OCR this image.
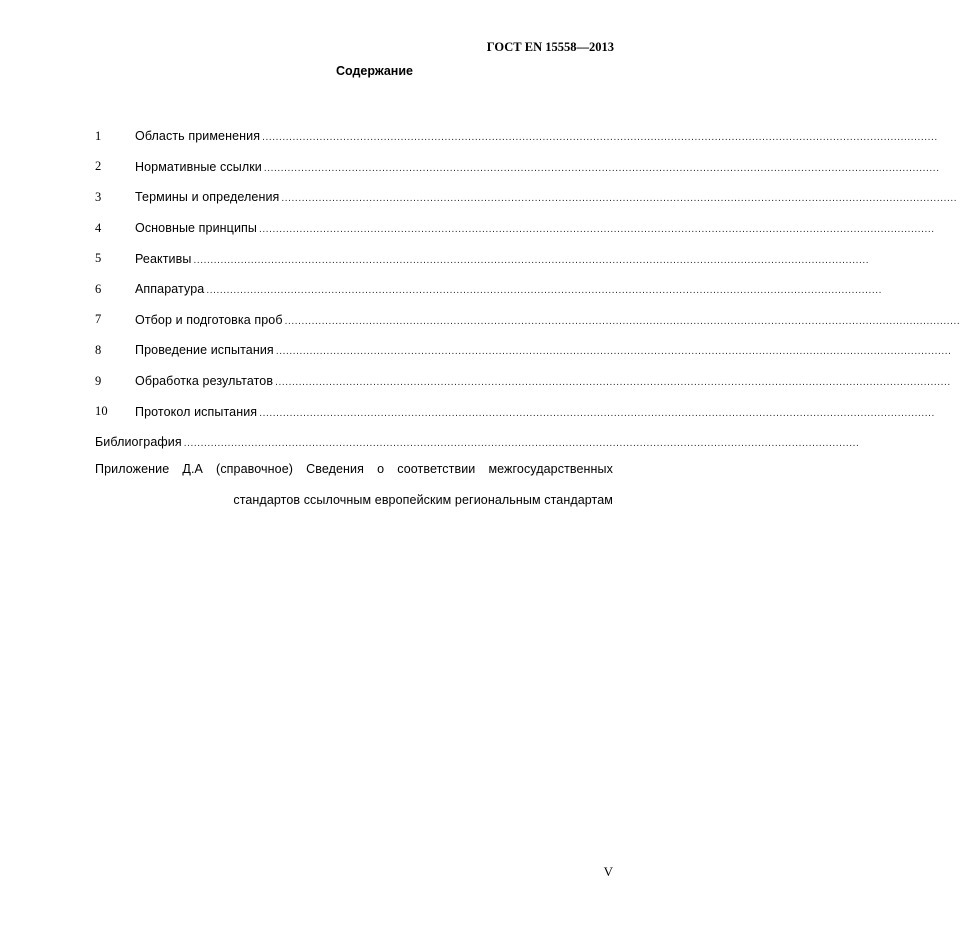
ГОСТ EN 15558—2013
Содержание
1	Область применения ........................................................................................................................................................................................................
2	Нормативные ссылки ........................................................................................................................................................................................................
3	Термины и определения ........................................................................................................................................................................................................
4	Основные принципы ........................................................................................................................................................................................................
5	Реактивы ........................................................................................................................................................................................................
6	Аппаратура ........................................................................................................................................................................................................
7	Отбор и подготовка проб ........................................................................................................................................................................................................
8	Проведение испытания ........................................................................................................................................................................................................
9	Обработка результатов ........................................................................................................................................................................................................
10	Протокол испытания ........................................................................................................................................................................................................
Библиография ........................................................................................................................................................................................................
Приложение Д.А (справочное) Сведения о соответствии межгосударственных
стандартов ссылочным европейским региональным стандартам
V
